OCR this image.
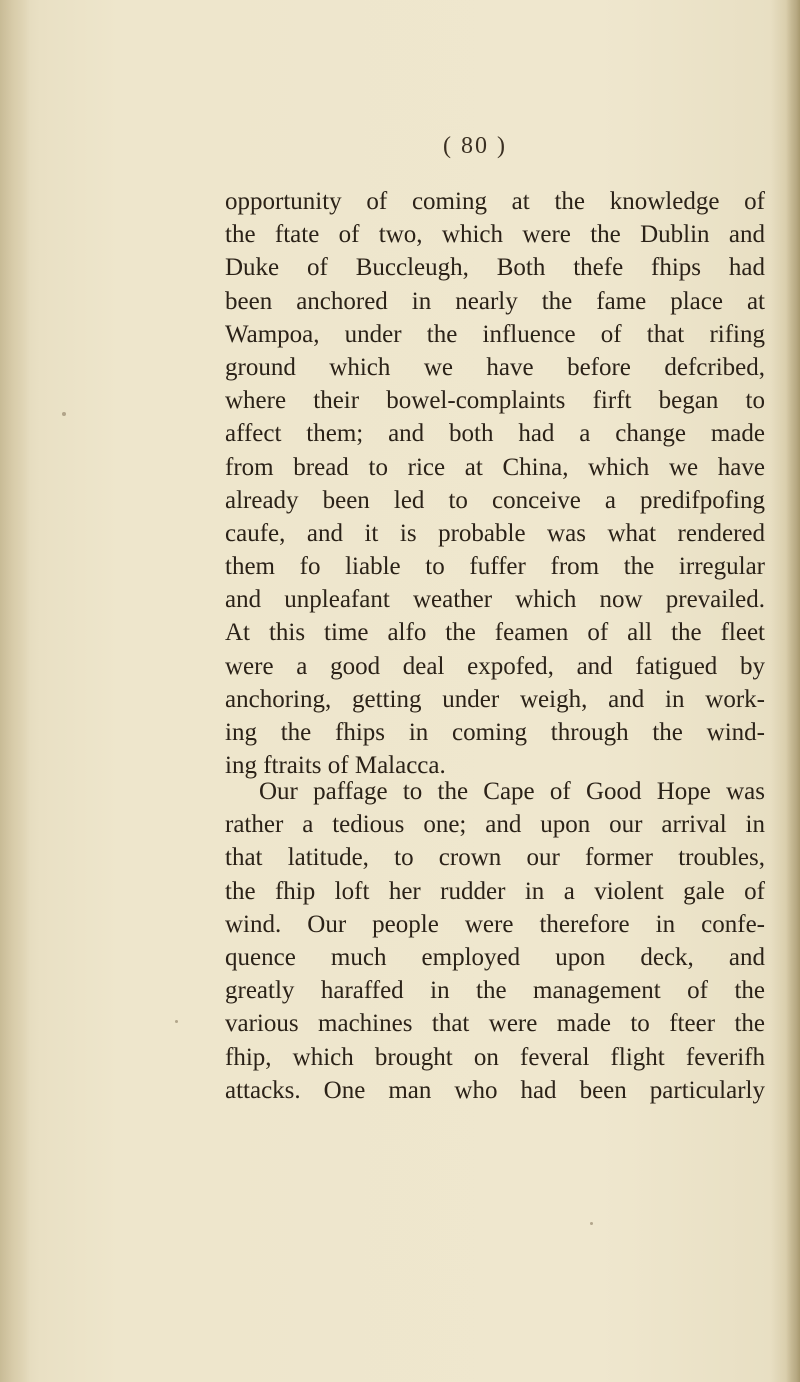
( 80 )
opportunity of coming at the knowledge of
the ftate of two, which were the Dublin and
Duke of Buccleugh, Both thefe fhips had
been anchored in nearly the fame place at
Wampoa, under the influence of that rifing
ground which we have before defcribed,
where their bowel-complaints firft began to
affect them; and both had a change made
from bread to rice at China, which we have
already been led to conceive a predifpofing
caufe, and it is probable was what rendered
them fo liable to fuffer from the irregular
and unpleafant weather which now prevailed.
At this time alfo the feamen of all the fleet
were a good deal expofed, and fatigued by
anchoring, getting under weigh, and in work-
ing the fhips in coming through the wind-
ing ftraits of Malacca.
Our paffage to the Cape of Good Hope was
rather a tedious one; and upon our arrival in
that latitude, to crown our former troubles,
the fhip loft her rudder in a violent gale of
wind. Our people were therefore in confe-
quence much employed upon deck, and
greatly haraffed in the management of the
various machines that were made to fteer the
fhip, which brought on feveral flight feverifh
attacks. One man who had been particularly
